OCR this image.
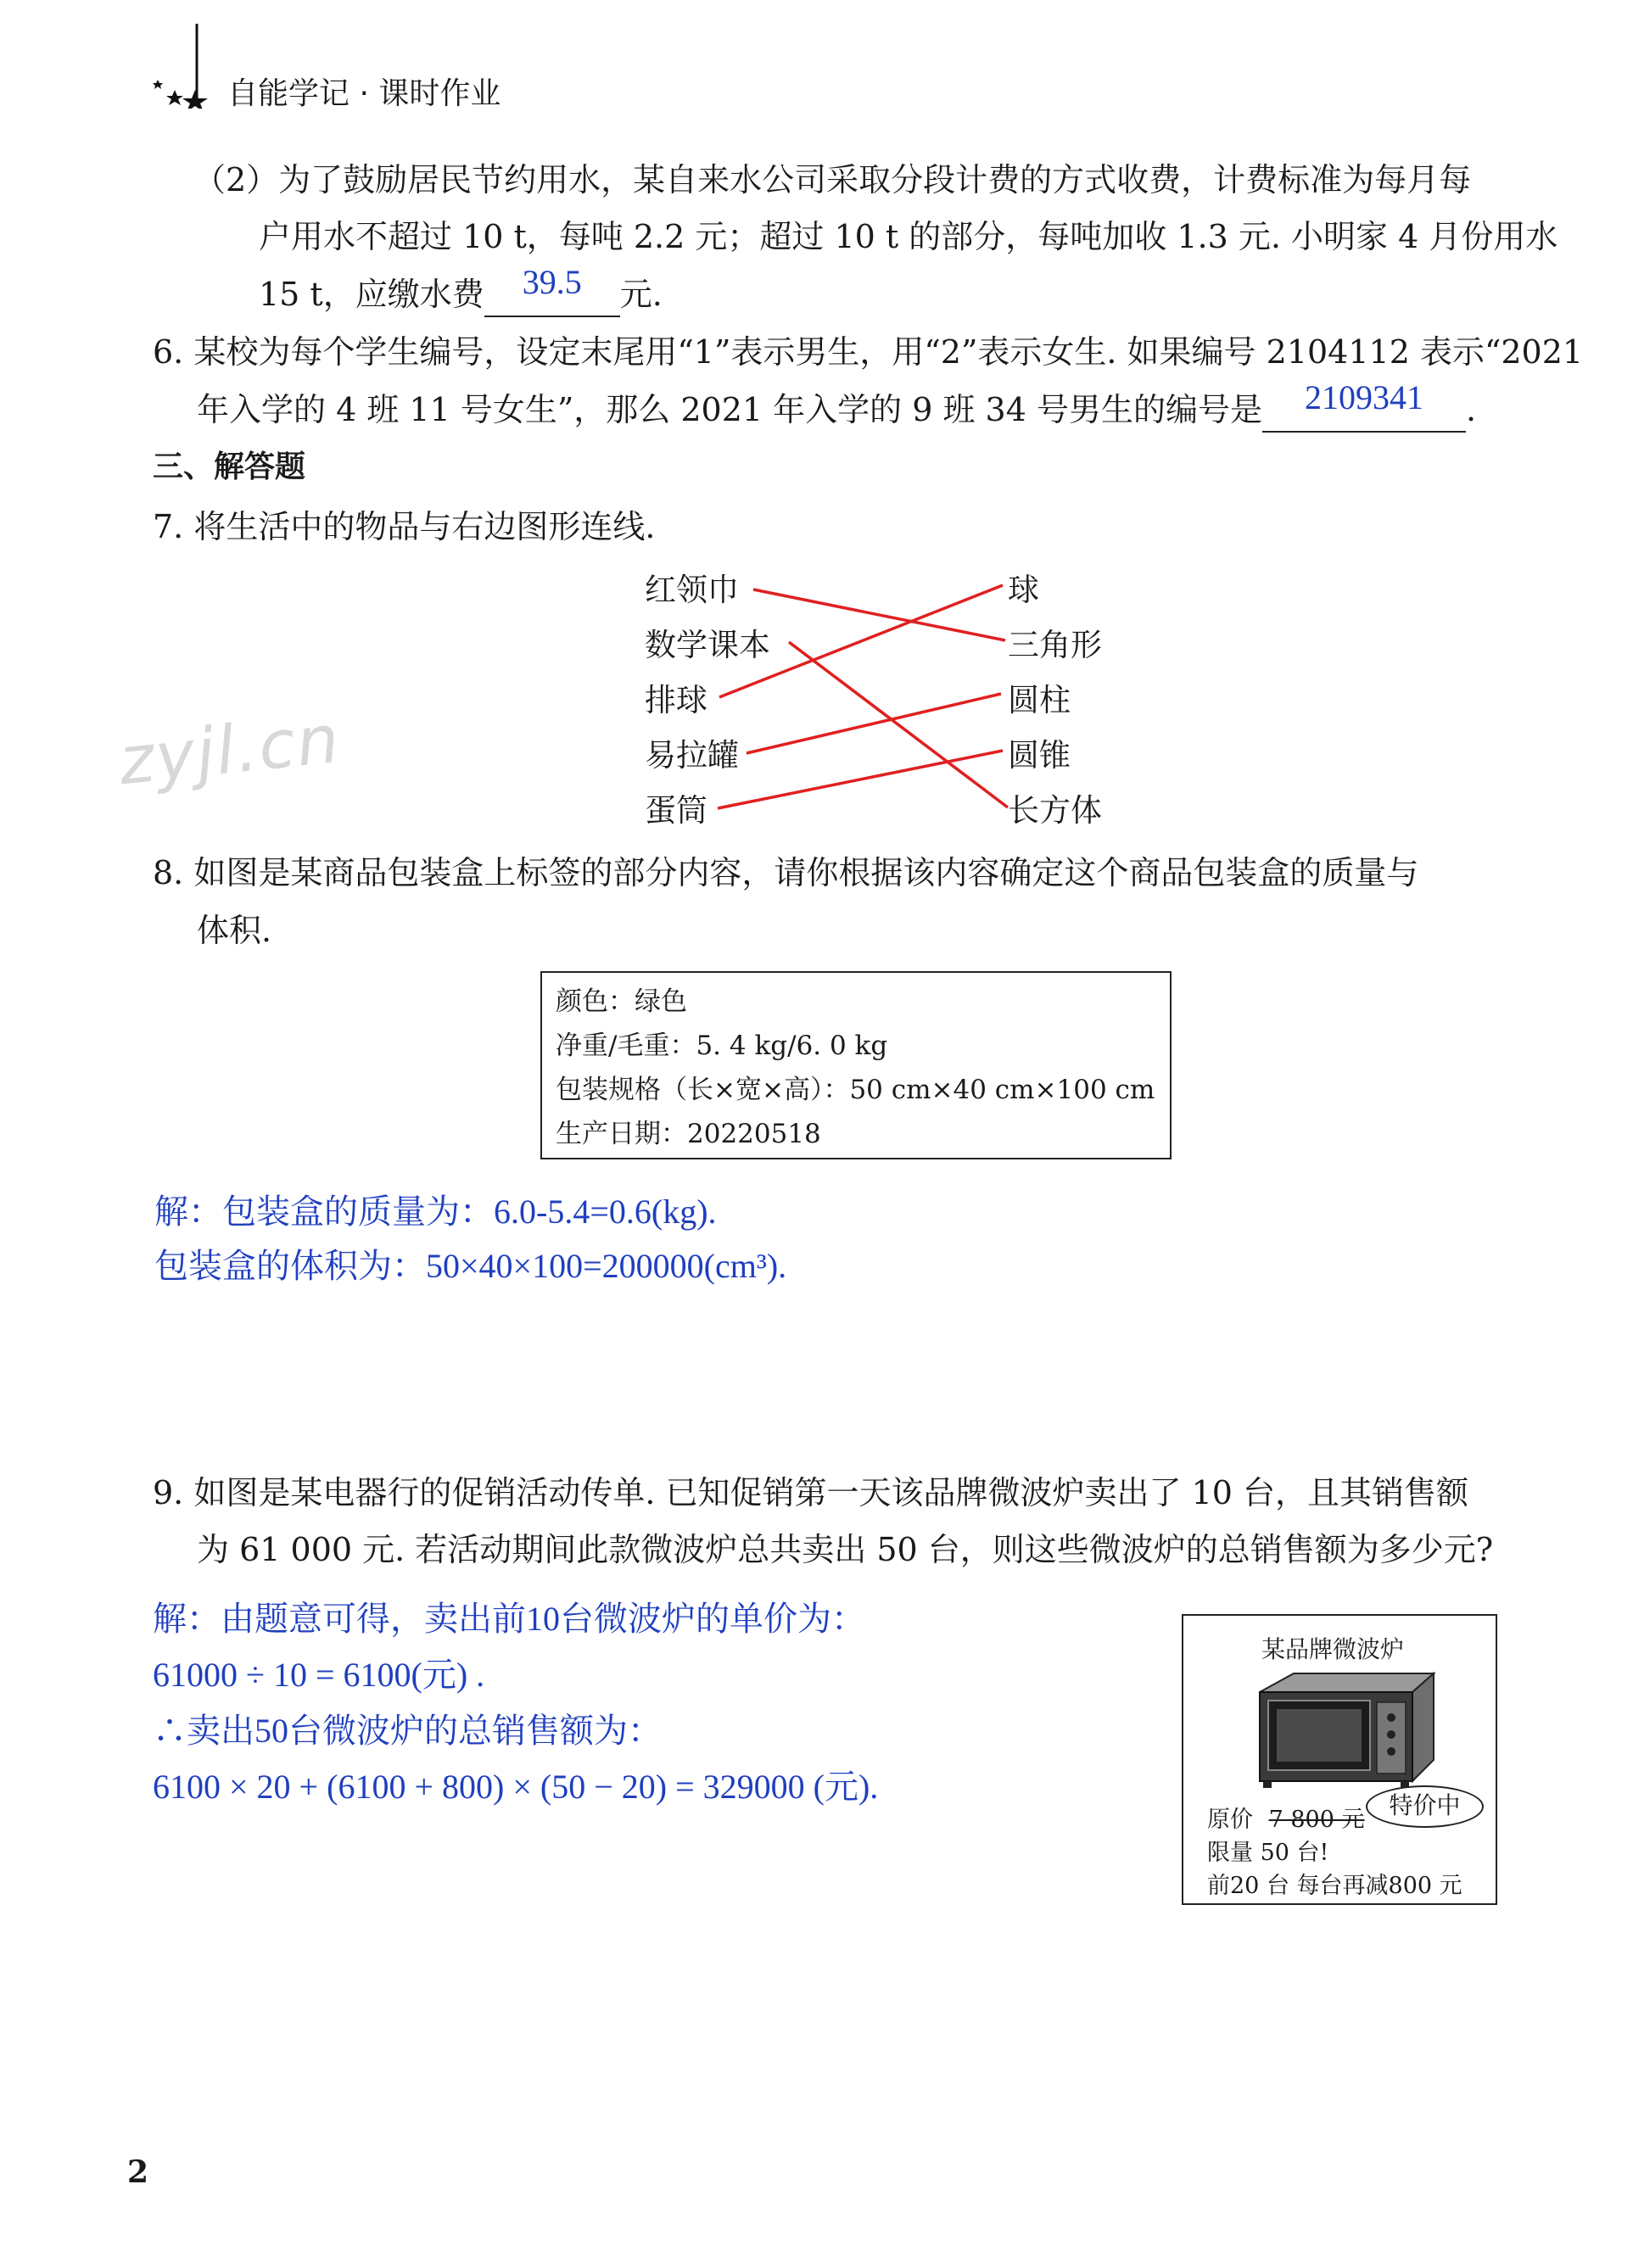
自能学记 · 课时作业
（2）为了鼓励居民节约用水，某自来水公司采取分段计费的方式收费，计费标准为每月每
户用水不超过 10 t，每吨 2.2 元；超过 10 t 的部分，每吨加收 1.3 元. 小明家 4 月份用水
15 t，应缴水费 39.5 元.
6. 某校为每个学生编号，设定末尾用“1”表示男生，用“2”表示女生. 如果编号 2104112 表示“2021
年入学的 4 班 11 号女生”，那么 2021 年入学的 9 班 34 号男生的编号是 2109341 .
三、解答题
7. 将生活中的物品与右边图形连线.
zyjl.cn
红领巾
数学课本
排球
易拉罐
蛋筒
球
三角形
圆柱
圆锥
长方体
8. 如图是某商品包装盒上标签的部分内容，请你根据该内容确定这个商品包装盒的质量与
体积.
颜色：绿色
净重/毛重：5. 4 kg/6. 0 kg
包装规格（长×宽×高）：50 cm×40 cm×100 cm
生产日期：20220518
解：包装盒的质量为：6.0-5.4=0.6(kg).
包装盒的体积为：50×40×100=200000(cm³).
9. 如图是某电器行的促销活动传单. 已知促销第一天该品牌微波炉卖出了 10 台，且其销售额
为 61 000 元. 若活动期间此款微波炉总共卖出 50 台，则这些微波炉的总销售额为多少元?
解：由题意可得，卖出前10台微波炉的单价为：
61000 ÷ 10 = 6100(元) .
∴卖出50台微波炉的总销售额为：
6100 × 20 + (6100 + 800) × (50 − 20) = 329000 (元).
某品牌微波炉
特价中
原价 7 800 元
限量 50 台!
前20 台 每台再减800 元
2
